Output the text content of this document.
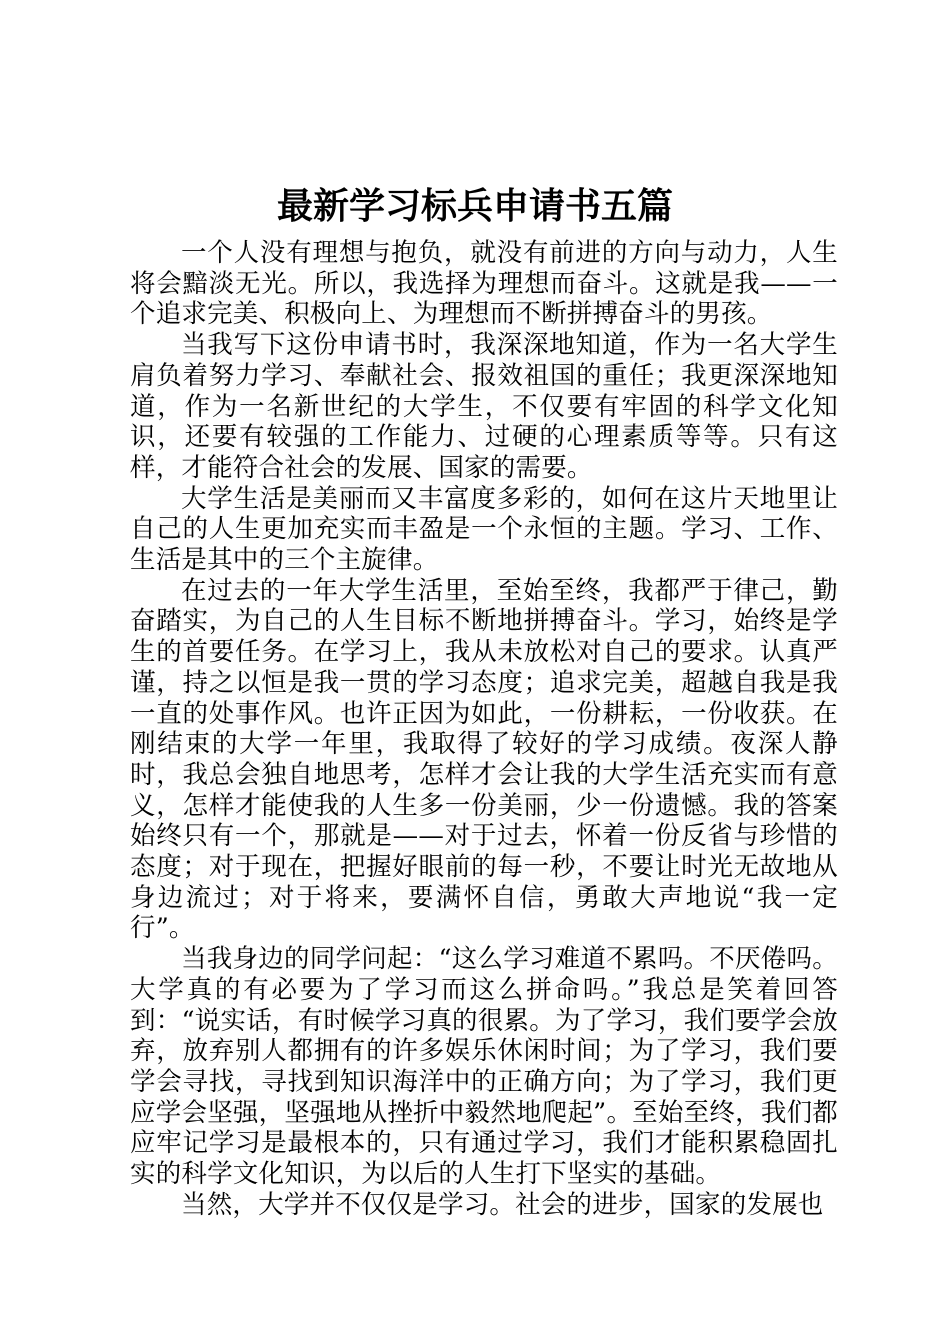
最新学习标兵申请书五篇

一个人没有理想与抱负，就没有前进的方向与动力，人生将会黯淡无光。所以，我选择为理想而奋斗。这就是我——一个追求完美、积极向上、为理想而不断拼搏奋斗的男孩。

当我写下这份申请书时，我深深地知道，作为一名大学生肩负着努力学习、奉献社会、报效祖国的重任；我更深深地知道，作为一名新世纪的大学生，不仅要有牢固的科学文化知识，还要有较强的工作能力、过硬的心理素质等等。只有这样，才能符合社会的发展、国家的需要。

大学生活是美丽而又丰富度多彩的，如何在这片天地里让自己的人生更加充实而丰盈是一个永恒的主题。学习、工作、生活是其中的三个主旋律。

在过去的一年大学生活里，至始至终，我都严于律己，勤奋踏实，为自己的人生目标不断地拼搏奋斗。学习，始终是学生的首要任务。在学习上，我从未放松对自己的要求。认真严谨，持之以恒是我一贯的学习态度；追求完美，超越自我是我一直的处事作风。也许正因为如此，一份耕耘，一份收获。在刚结束的大学一年里，我取得了较好的学习成绩。夜深人静时，我总会独自地思考，怎样才会让我的大学生活充实而有意义，怎样才能使我的人生多一份美丽，少一份遗憾。我的答案始终只有一个，那就是——对于过去，怀着一份反省与珍惜的态度；对于现在，把握好眼前的每一秒，不要让时光无故地从身边流过；对于将来，要满怀自信，勇敢大声地说“我一定行”。

当我身边的同学问起：“这么学习难道不累吗。不厌倦吗。大学真的有必要为了学习而这么拼命吗。”我总是笑着回答到：“说实话，有时候学习真的很累。为了学习，我们要学会放弃，放弃别人都拥有的许多娱乐休闲时间；为了学习，我们要学会寻找，寻找到知识海洋中的正确方向；为了学习，我们更应学会坚强，坚强地从挫折中毅然地爬起”。至始至终，我们都应牢记学习是最根本的，只有通过学习，我们才能积累稳固扎实的科学文化知识，为以后的人生打下坚实的基础。

当然，大学并不仅仅是学习。社会的进步，国家的发展也
